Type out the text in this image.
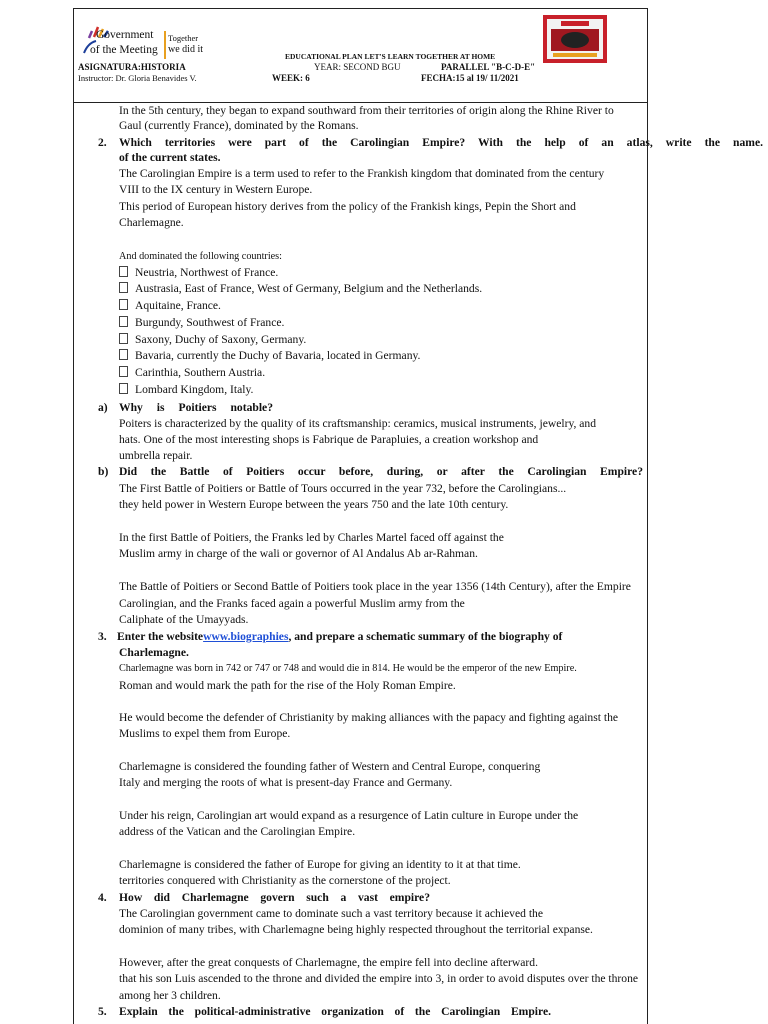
Government
of the Meeting
Together
we did it
EDUCATIONAL PLAN LET'S LEARN TOGETHER AT HOME
ASIGNATURA:HISTORIA	YEAR: SECOND BGU	PARALLEL "B-C-D-E"
Instructor: Dr. Gloria Benavides V.	WEEK: 6	FECHA:15 al 19/ 11/2021
In the 5th century, they began to expand southward from their territories of origin along the Rhine River to
Gaul (currently France), dominated by the Romans.
2. Which territories were part of the Carolingian Empire? With the help of an atlas, write the name.
of the current states.
The Carolingian Empire is a term used to refer to the Frankish kingdom that dominated from the century
VIII to the IX century in Western Europe.
This period of European history derives from the policy of the Frankish kings, Pepin the Short and
Charlemagne.
And dominated the following countries:
Neustria, Northwest of France.
Austrasia, East of France, West of Germany, Belgium and the Netherlands.
Aquitaine, France.
Burgundy, Southwest of France.
Saxony, Duchy of Saxony, Germany.
Bavaria, currently the Duchy of Bavaria, located in Germany.
Carinthia, Southern Austria.
Lombard Kingdom, Italy.
a) Why is Poitiers notable?
Poiters is characterized by the quality of its craftsmanship: ceramics, musical instruments, jewelry, and
hats. One of the most interesting shops is Fabrique de Parapluies, a creation workshop and
umbrella repair.
b) Did the Battle of Poitiers occur before, during, or after the Carolingian Empire?
The First Battle of Poitiers or Battle of Tours occurred in the year 732, before the Carolingians...
they held power in Western Europe between the years 750 and the late 10th century.
In the first Battle of Poitiers, the Franks led by Charles Martel faced off against the
Muslim army in charge of the wali or governor of Al Andalus Ab ar-Rahman.
The Battle of Poitiers or Second Battle of Poitiers took place in the year 1356 (14th Century), after the Empire
Carolingian, and the Franks faced again a powerful Muslim army from the
Caliphate of the Umayyads.
3. Enter the websitewww.biographies, and prepare a schematic summary of the biography of
Charlemagne.
Charlemagne was born in 742 or 747 or 748 and would die in 814. He would be the emperor of the new Empire.
Roman and would mark the path for the rise of the Holy Roman Empire.
He would become the defender of Christianity by making alliances with the papacy and fighting against the
Muslims to expel them from Europe.
Charlemagne is considered the founding father of Western and Central Europe, conquering
Italy and merging the roots of what is present-day France and Germany.
Under his reign, Carolingian art would expand as a resurgence of Latin culture in Europe under the
address of the Vatican and the Carolingian Empire.
Charlemagne is considered the father of Europe for giving an identity to it at that time.
territories conquered with Christianity as the cornerstone of the project.
4. How did Charlemagne govern such a vast empire?
The Carolingian government came to dominate such a vast territory because it achieved the
dominion of many tribes, with Charlemagne being highly respected throughout the territorial expanse.
However, after the great conquests of Charlemagne, the empire fell into decline afterward.
that his son Luis ascended to the throne and divided the empire into 3, in order to avoid disputes over the throne
among her 3 children.
5. Explain the political-administrative organization of the Carolingian Empire.
